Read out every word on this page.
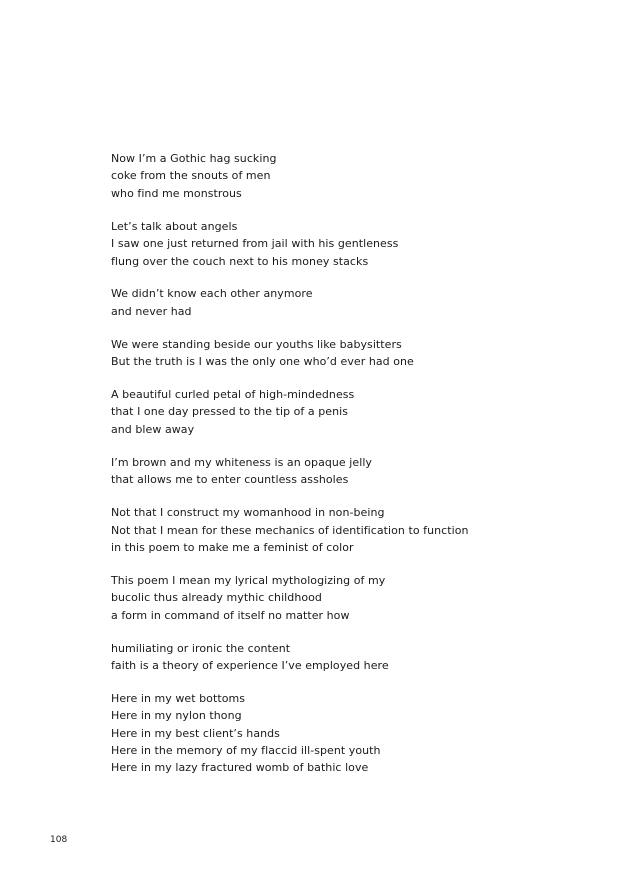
Now I’m a Gothic hag sucking
coke from the snouts of men
who find me monstrous
Let’s talk about angels
I saw one just returned from jail with his gentleness
flung over the couch next to his money stacks
We didn’t know each other anymore
and never had
We were standing beside our youths like babysitters
But the truth is I was the only one who’d ever had one
A beautiful curled petal of high-mindedness
that I one day pressed to the tip of a penis
and blew away
I’m brown and my whiteness is an opaque jelly
that allows me to enter countless assholes
Not that I construct my womanhood in non-being
Not that I mean for these mechanics of identification to function
in this poem to make me a feminist of color
This poem I mean my lyrical mythologizing of my
bucolic thus already mythic childhood
a form in command of itself no matter how
humiliating or ironic the content
faith is a theory of experience I’ve employed here
Here in my wet bottoms
Here in my nylon thong
Here in my best client’s hands
Here in the memory of my flaccid ill-spent youth
Here in my lazy fractured womb of bathic love
108
